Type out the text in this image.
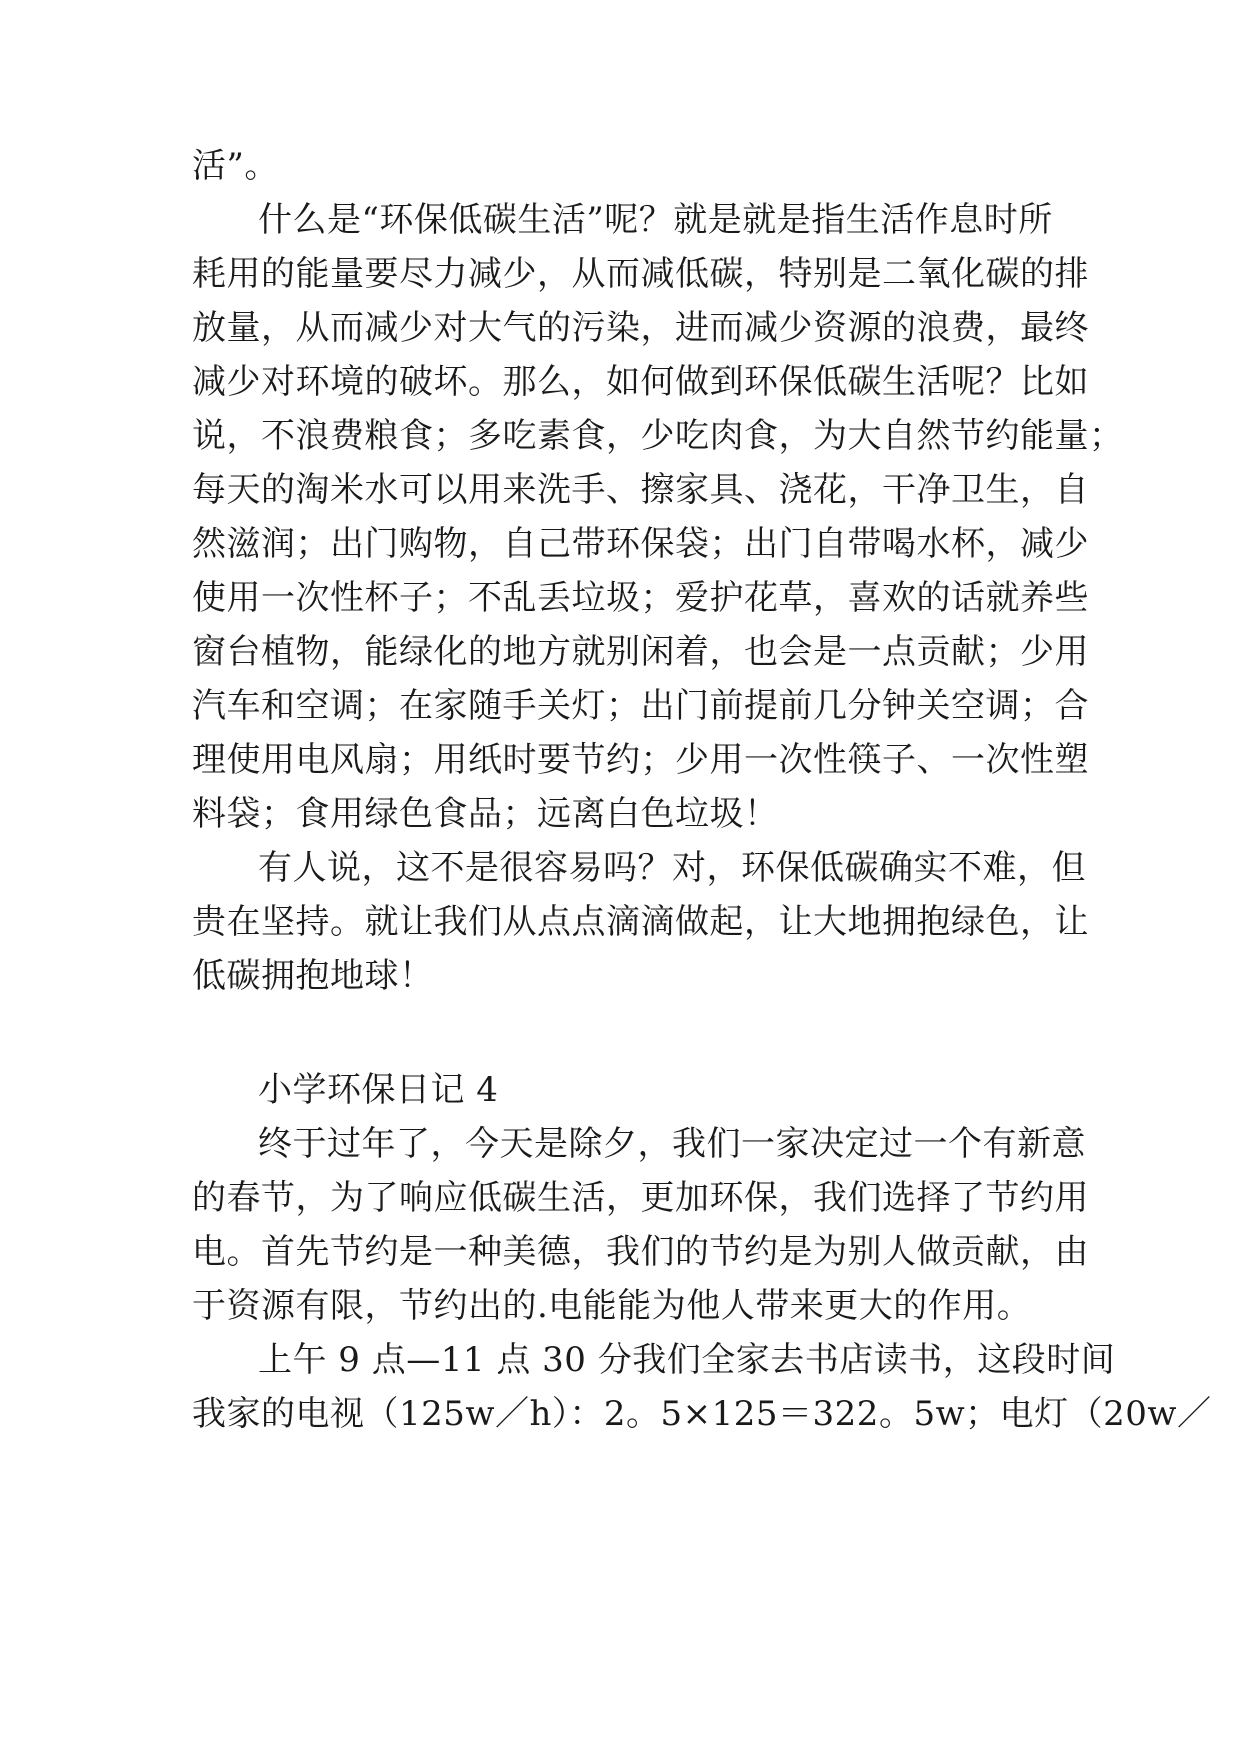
活”。
什么是“环保低碳生活”呢？就是就是指生活作息时所
耗用的能量要尽力减少，从而减低碳，特别是二氧化碳的排
放量，从而减少对大气的污染，进而减少资源的浪费，最终
减少对环境的破坏。那么，如何做到环保低碳生活呢？比如
说，不浪费粮食；多吃素食，少吃肉食，为大自然节约能量；
每天的淘米水可以用来洗手、擦家具、浇花，干净卫生，自
然滋润；出门购物，自己带环保袋；出门自带喝水杯，减少
使用一次性杯子；不乱丢垃圾；爱护花草，喜欢的话就养些
窗台植物，能绿化的地方就别闲着，也会是一点贡献；少用
汽车和空调；在家随手关灯；出门前提前几分钟关空调；合
理使用电风扇；用纸时要节约；少用一次性筷子、一次性塑
料袋；食用绿色食品；远离白色垃圾！
有人说，这不是很容易吗？对，环保低碳确实不难，但
贵在坚持。就让我们从点点滴滴做起，让大地拥抱绿色，让
低碳拥抱地球！
小学环保日记 4
终于过年了，今天是除夕，我们一家决定过一个有新意
的春节，为了响应低碳生活，更加环保，我们选择了节约用
电。首先节约是一种美德，我们的节约是为别人做贡献，由
于资源有限，节约出的.电能能为他人带来更大的作用。
上午 9 点—11 点 30 分我们全家去书店读书，这段时间
我家的电视（125w／h）：2。5×125＝322。5w；电灯（20w／
